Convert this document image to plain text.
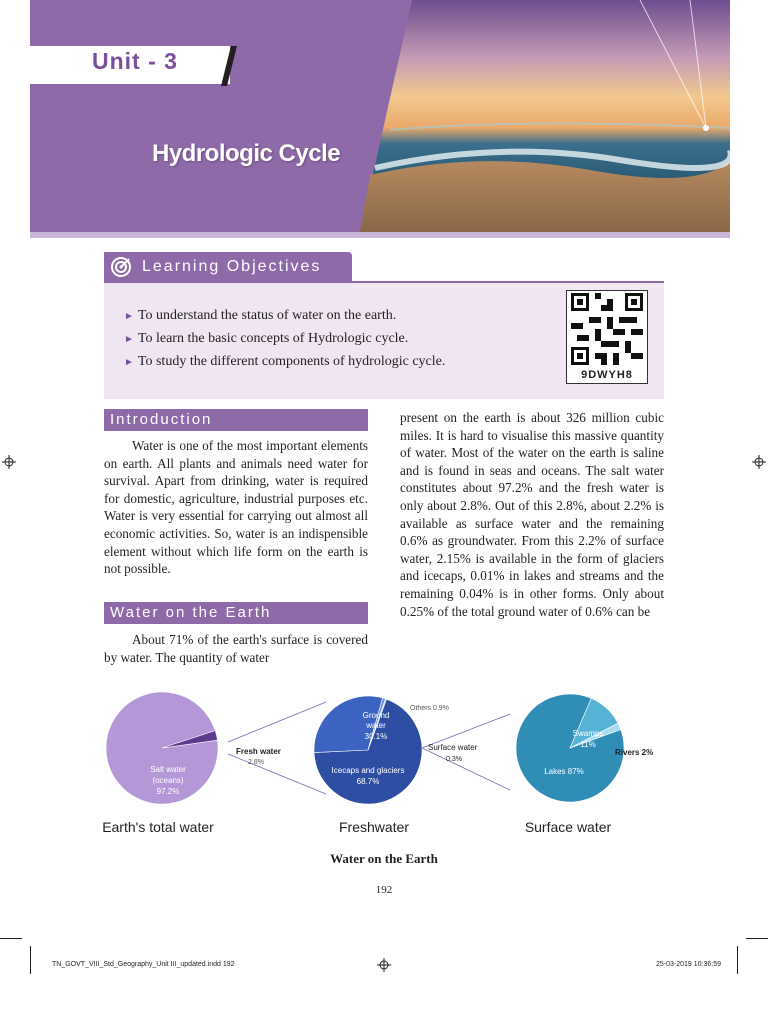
Unit - 3
Hydrologic Cycle
Learning Objectives
► To understand the status of water on the earth.
► To learn the basic concepts of Hydrologic cycle.
► To study the different components of hydrologic cycle.
9DWYH8
Introduction
Water is one of the most important elements on earth. All plants and animals need water for survival. Apart from drinking, water is required for domestic, agriculture, industrial purposes etc. Water is very essential for carrying out almost all economic activities. So, water is an indispensible element without which life form on the earth is not possible.
Water on the Earth
About 71% of the earth's surface is covered by water. The quantity of water
present on the earth is about 326 million cubic miles. It is hard to visualise this massive quantity of water. Most of the water on the earth is saline and is found in seas and oceans. The salt water constitutes about 97.2% and the fresh water is only about 2.8%. Out of this 2.8%, about 2.2% is available as surface water and the remaining 0.6% as groundwater. From this 2.2% of surface water, 2.15% is available in the form of glaciers and icecaps, 0.01% in lakes and streams and the remaining 0.04% is in other forms. Only about 0.25% of the total ground water of 0.6% can be
Fresh water
2.8%
Salt water
(oceans)
97.2%
Ground
water
30.1%
Others 0.9%
Surface water
0.3%
Icecaps and glaciers
68.7%
Swamps
11%
Rivers 2%
Lakes 87%
Earth's total water	Freshwater	Surface water
Water on the Earth
192
TN_GOVT_VIII_Std_Geography_Unit III_updated.indd 192	25-03-2019 10:36:59
